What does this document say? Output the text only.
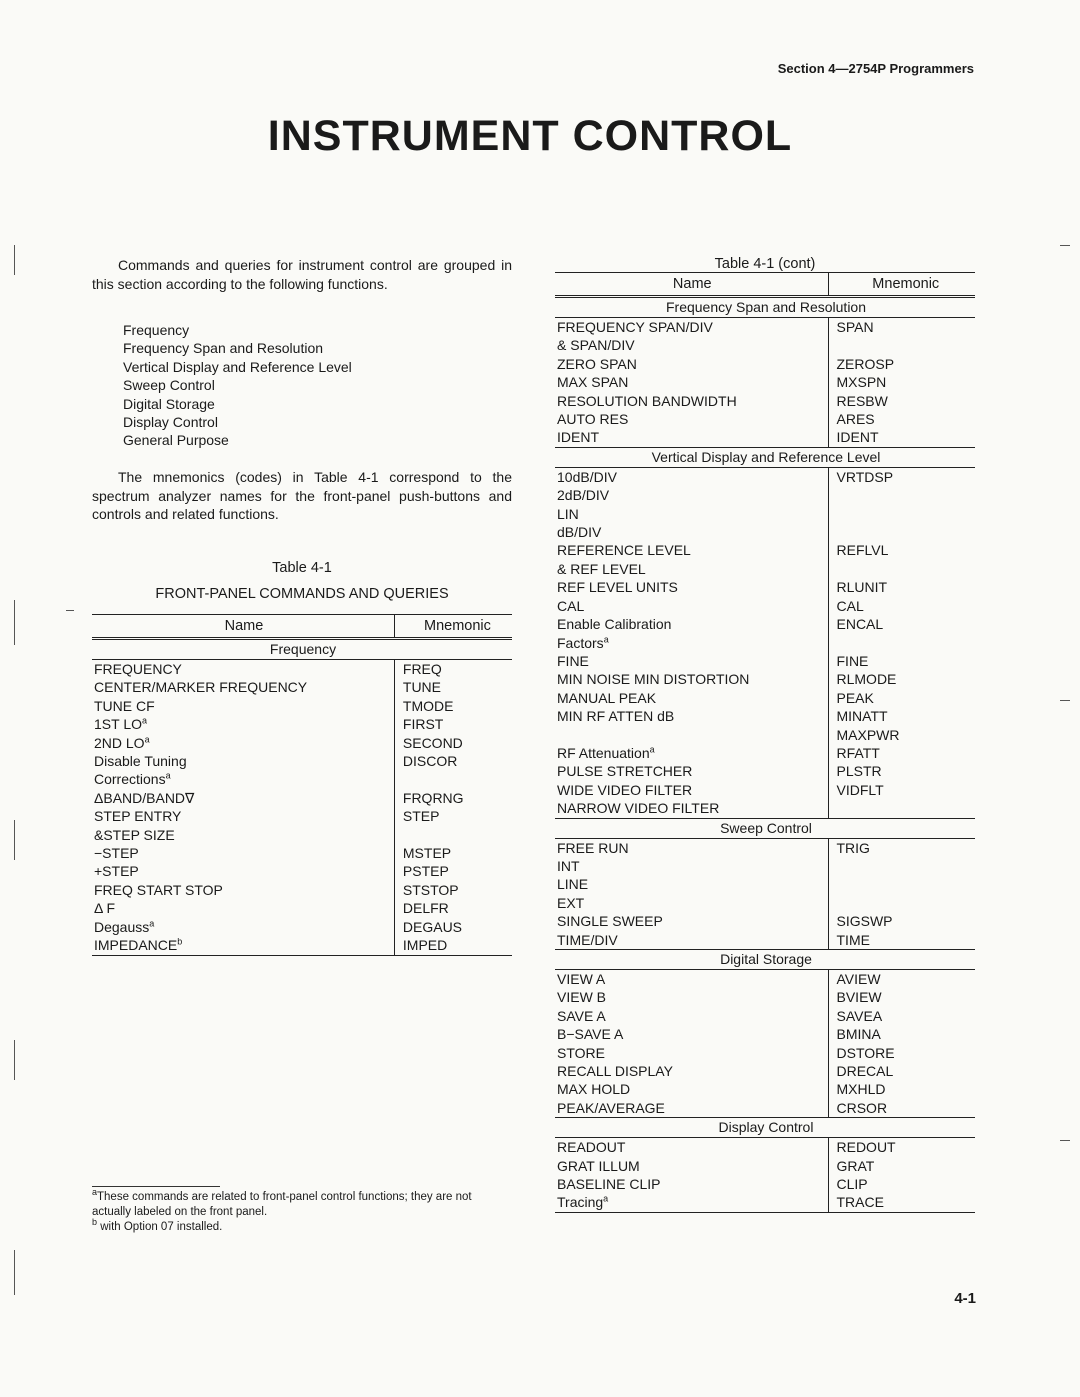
Section 4—2754P Programmers
INSTRUMENT CONTROL

Commands and queries for instrument control are grouped in this section according to the following functions.

Frequency
Frequency Span and Resolution
Vertical Display and Reference Level
Sweep Control
Digital Storage
Display Control
General Purpose

The mnemonics (codes) in Table 4-1 correspond to the spectrum analyzer names for the front-panel push-buttons and controls and related functions.

Table 4-1
FRONT-PANEL COMMANDS AND QUERIES
Name	Mnemonic
Frequency	
FREQUENCY	FREQ
CENTER/MARKER FREQUENCY	TUNE
TUNE CF	TMODE
1ST $LO^a$	FIRST
2ND $LO^a$	SECOND
Disable Tuning	DISCOR
Corrections$^a$	
ΔBAND/BAND∇	FRQRNG
STEP ENTRY	STEP
&STEP SIZE	
−STEP	MSTEP
+STEP	PSTEP
FREQ START STOP	STSTOP
Δ F	DELFR
Degauss$^a$	DEGAUS
IMPEDANCE$^b$	IMPED
Table 4-1 (cont)
Name	Mnemonic
Frequency Span and Resolution	
FREQUENCY SPAN/DIV	SPAN
& SPAN/DIV	
ZERO SPAN	ZEROSP
MAX SPAN	MXSPN
RESOLUTION BANDWIDTH	RESBW
AUTO RES	ARES
IDENT	IDENT
Vertical Display and Reference Level	
10dB/DIV	VRTDSP
2dB/DIV	
LIN	
dB/DIV	
REFERENCE LEVEL	REFLVL
& REF LEVEL	
REF LEVEL UNITS	RLUNIT
CAL	CAL
Enable Calibration	ENCAL
Factors$^a$	
FINE	FINE
MIN NOISE MIN DISTORTION	RLMODE
MANUAL PEAK	PEAK
MIN RF ATTEN dB	MINATT
	MAXPWR
RF Attenuation$^a$	RFATT
PULSE STRETCHER	PLSTR
WIDE VIDEO FILTER	VIDFLT
NARROW VIDEO FILTER	
Sweep Control	
FREE RUN	TRIG
INT	
LINE	
EXT	
SINGLE SWEEP	SIGSWP
TIME/DIV	TIME
Digital Storage	
VIEW A	AVIEW
VIEW B	BVIEW
SAVE A	SAVEA
B−SAVE A	BMINA
STORE	DSTORE
RECALL DISPLAY	DRECAL
MAX HOLD	MXHLD
PEAK/AVERAGE	CRSOR
Display Control	
READOUT	REDOUT
GRAT ILLUM	GRAT
BASELINE CLIP	CLIP
Tracing$^a$	TRACE
$^a$These commands are related to front-panel control functions; they are not actually labeled on the front panel.
$^b$ with Option 07 installed.
4-1
